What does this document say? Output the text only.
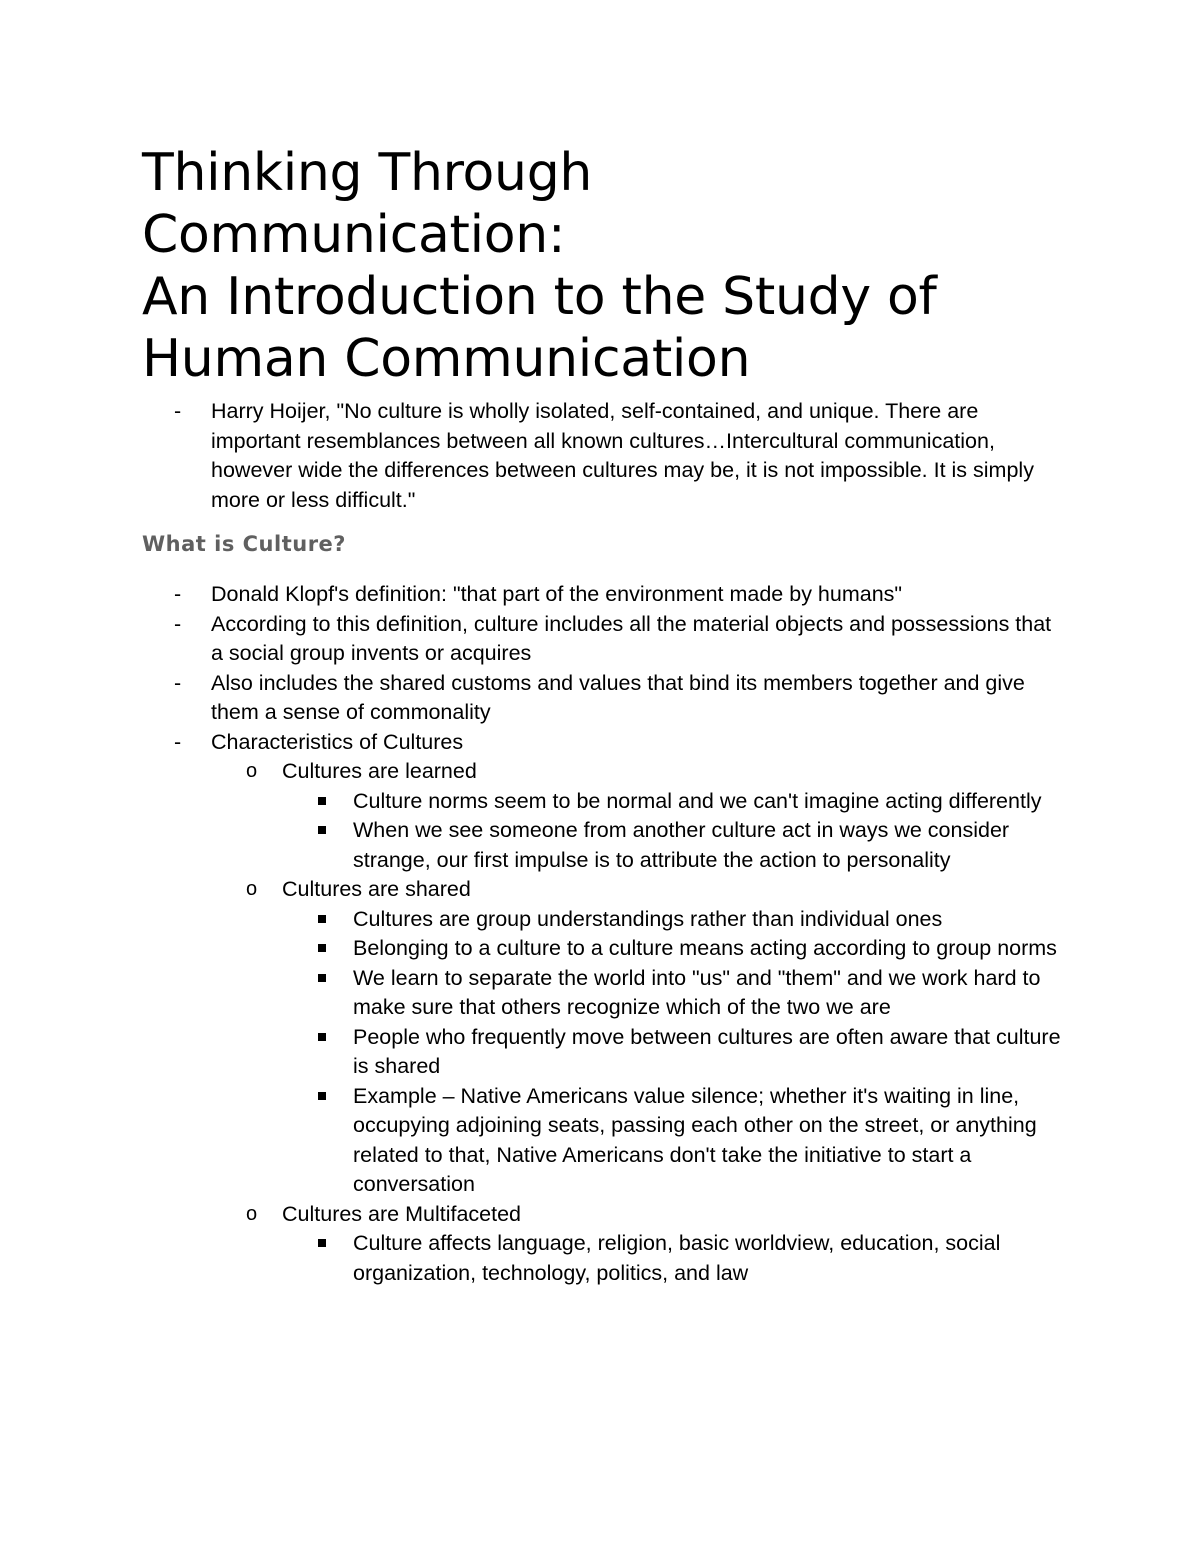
Thinking Through
Communication:
An Introduction to the Study of
Human Communication
- Harry Hoijer, "No culture is wholly isolated, self-contained, and unique. There are important resemblances between all known cultures…Intercultural communication, however wide the differences between cultures may be, it is not impossible. It is simply more or less difficult."
What is Culture?
- Donald Klopf's definition: "that part of the environment made by humans"
- According to this definition, culture includes all the material objects and possessions that a social group invents or acquires
- Also includes the shared customs and values that bind its members together and give them a sense of commonality
- Characteristics of Cultures
o Cultures are learned
Culture norms seem to be normal and we can't imagine acting differently
When we see someone from another culture act in ways we consider strange, our first impulse is to attribute the action to personality
o Cultures are shared
Cultures are group understandings rather than individual ones
Belonging to a culture to a culture means acting according to group norms
We learn to separate the world into "us" and "them" and we work hard to make sure that others recognize which of the two we are
People who frequently move between cultures are often aware that culture is shared
Example – Native Americans value silence; whether it's waiting in line, occupying adjoining seats, passing each other on the street, or anything related to that, Native Americans don't take the initiative to start a conversation
o Cultures are Multifaceted
Culture affects language, religion, basic worldview, education, social organization, technology, politics, and law
